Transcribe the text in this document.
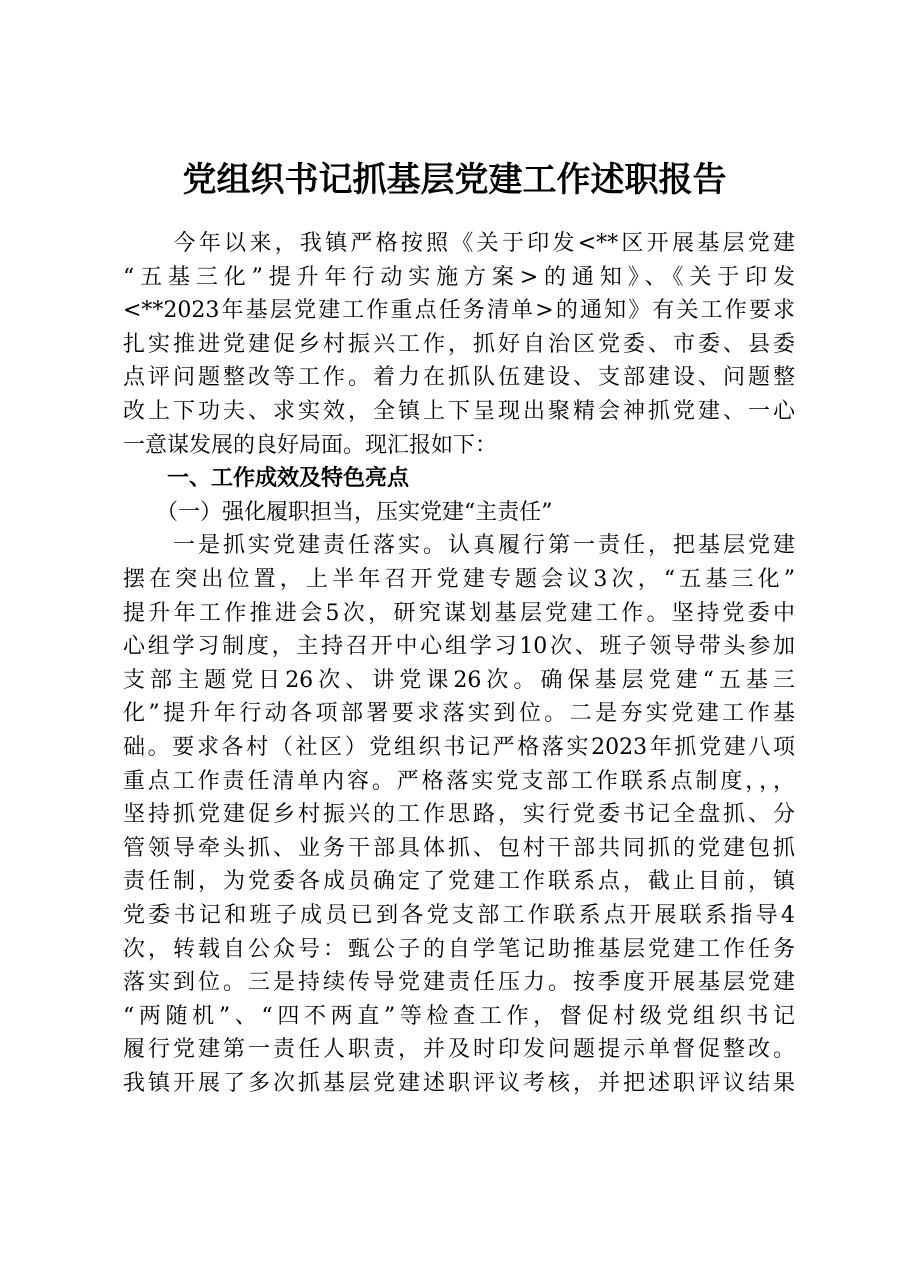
党组织书记抓基层党建工作述职报告
　　今年以来，我镇严格按照《关于印发<**区开展基层党建
“五基三化”提升年行动实施方案>的通知》、《关于印发
<**2023年基层党建工作重点任务清单>的通知》有关工作要求
扎实推进党建促乡村振兴工作，抓好自治区党委、市委、县委
点评问题整改等工作。着力在抓队伍建设、支部建设、问题整
改上下功夫、求实效，全镇上下呈现出聚精会神抓党建、一心
一意谋发展的良好局面。现汇报如下：
　　一、工作成效及特色亮点
　　（一）强化履职担当，压实党建“主责任”
　　一是抓实党建责任落实。认真履行第一责任，把基层党建
摆在突出位置，上半年召开党建专题会议3次，“五基三化”
提升年工作推进会5次，研究谋划基层党建工作。坚持党委中
心组学习制度，主持召开中心组学习10次、班子领导带头参加
支部主题党日26次、讲党课26次。确保基层党建“五基三
化”提升年行动各项部署要求落实到位。二是夯实党建工作基
础。要求各村（社区）党组织书记严格落实2023年抓党建八项
重点工作责任清单内容。严格落实党支部工作联系点制度，，，
坚持抓党建促乡村振兴的工作思路，实行党委书记全盘抓、分
管领导牵头抓、业务干部具体抓、包村干部共同抓的党建包抓
责任制，为党委各成员确定了党建工作联系点，截止目前，镇
党委书记和班子成员已到各党支部工作联系点开展联系指导4
次，转载自公众号：甄公子的自学笔记助推基层党建工作任务
落实到位。三是持续传导党建责任压力。按季度开展基层党建
“两随机”、“四不两直”等检查工作，督促村级党组织书记
履行党建第一责任人职责，并及时印发问题提示单督促整改。
我镇开展了多次抓基层党建述职评议考核，并把述职评议结果
